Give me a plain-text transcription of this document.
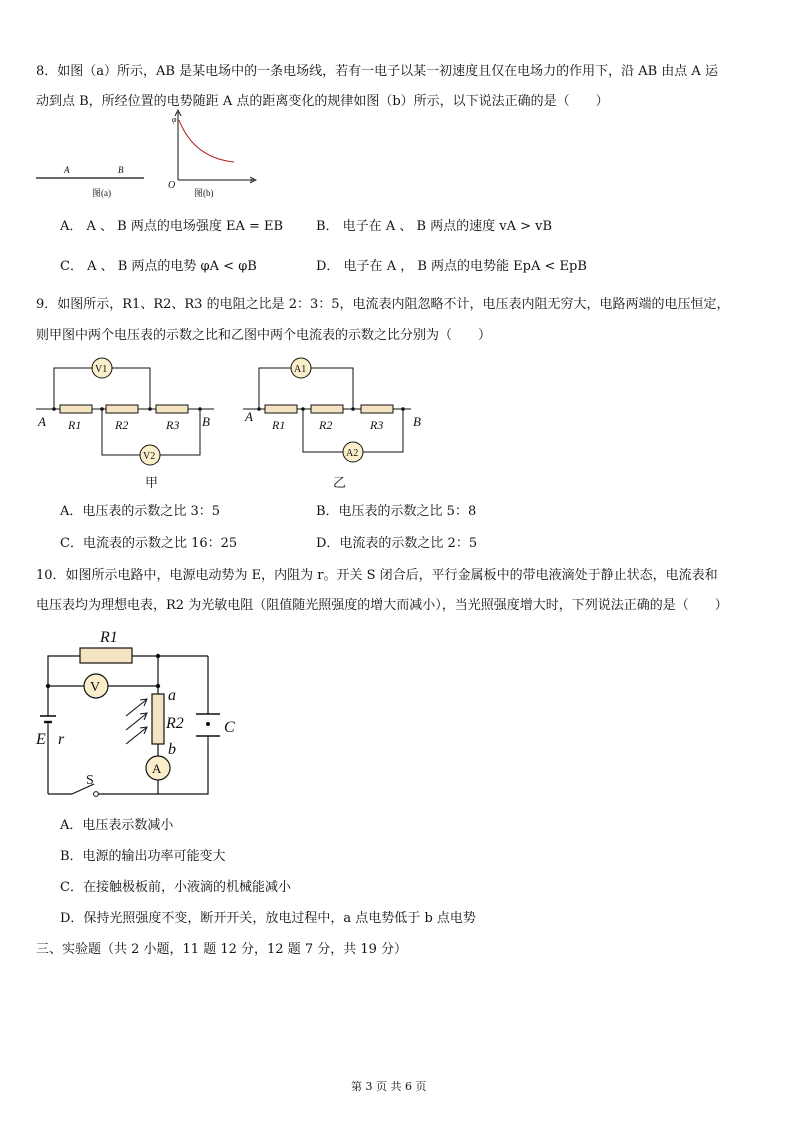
8．如图（a）所示，AB 是某电场中的一条电场线，若有一电子以某一初速度且仅在电场力的作用下，沿 AB 由点 A 运
动到点 B，所经位置的电势随距 A 点的距离变化的规律如图（b）所示，以下说法正确的是（　　）
A	B
图(a)
φ
O	x
图(b)
A． A 、 B 两点的电场强度 EA = EB	B． 电子在 A 、 B 两点的速度 vA > vB
C． A 、 B 两点的电势 φA < φB	D． 电子在 A ， B 两点的电势能 EpA < EpB
9．如图所示，R1、R2、R3 的电阻之比是 2：3：5，电流表内阻忽略不计，电压表内阻无穷大，电路两端的电压恒定，
则甲图中两个电压表的示数之比和乙图中两个电流表的示数之比分别为（　　）
V1
V2
A	B
R1	R2	R3
甲
A1
A2
A	B
R1	R2	R3
乙
A．电压表的示数之比 3：5	B．电压表的示数之比 5：8
C．电流表的示数之比 16：25	D．电流表的示数之比 2：5
10．如图所示电路中，电源电动势为 E，内阻为 r。开关 S 闭合后，平行金属板中的带电液滴处于静止状态，电流表和
电压表均为理想电表，R2 为光敏电阻（阻值随光照强度的增大而减小），当光照强度增大时，下列说法正确的是（　　）
R1
V
A
a
b
R2	C
E r
S
A．电压表示数减小
B．电源的输出功率可能变大
C．在接触极板前，小液滴的机械能减小
D．保持光照强度不变，断开开关，放电过程中，a 点电势低于 b 点电势
三、实验题（共 2 小题，11 题 12 分，12 题 7 分，共 19 分）
第 3 页 共 6 页
